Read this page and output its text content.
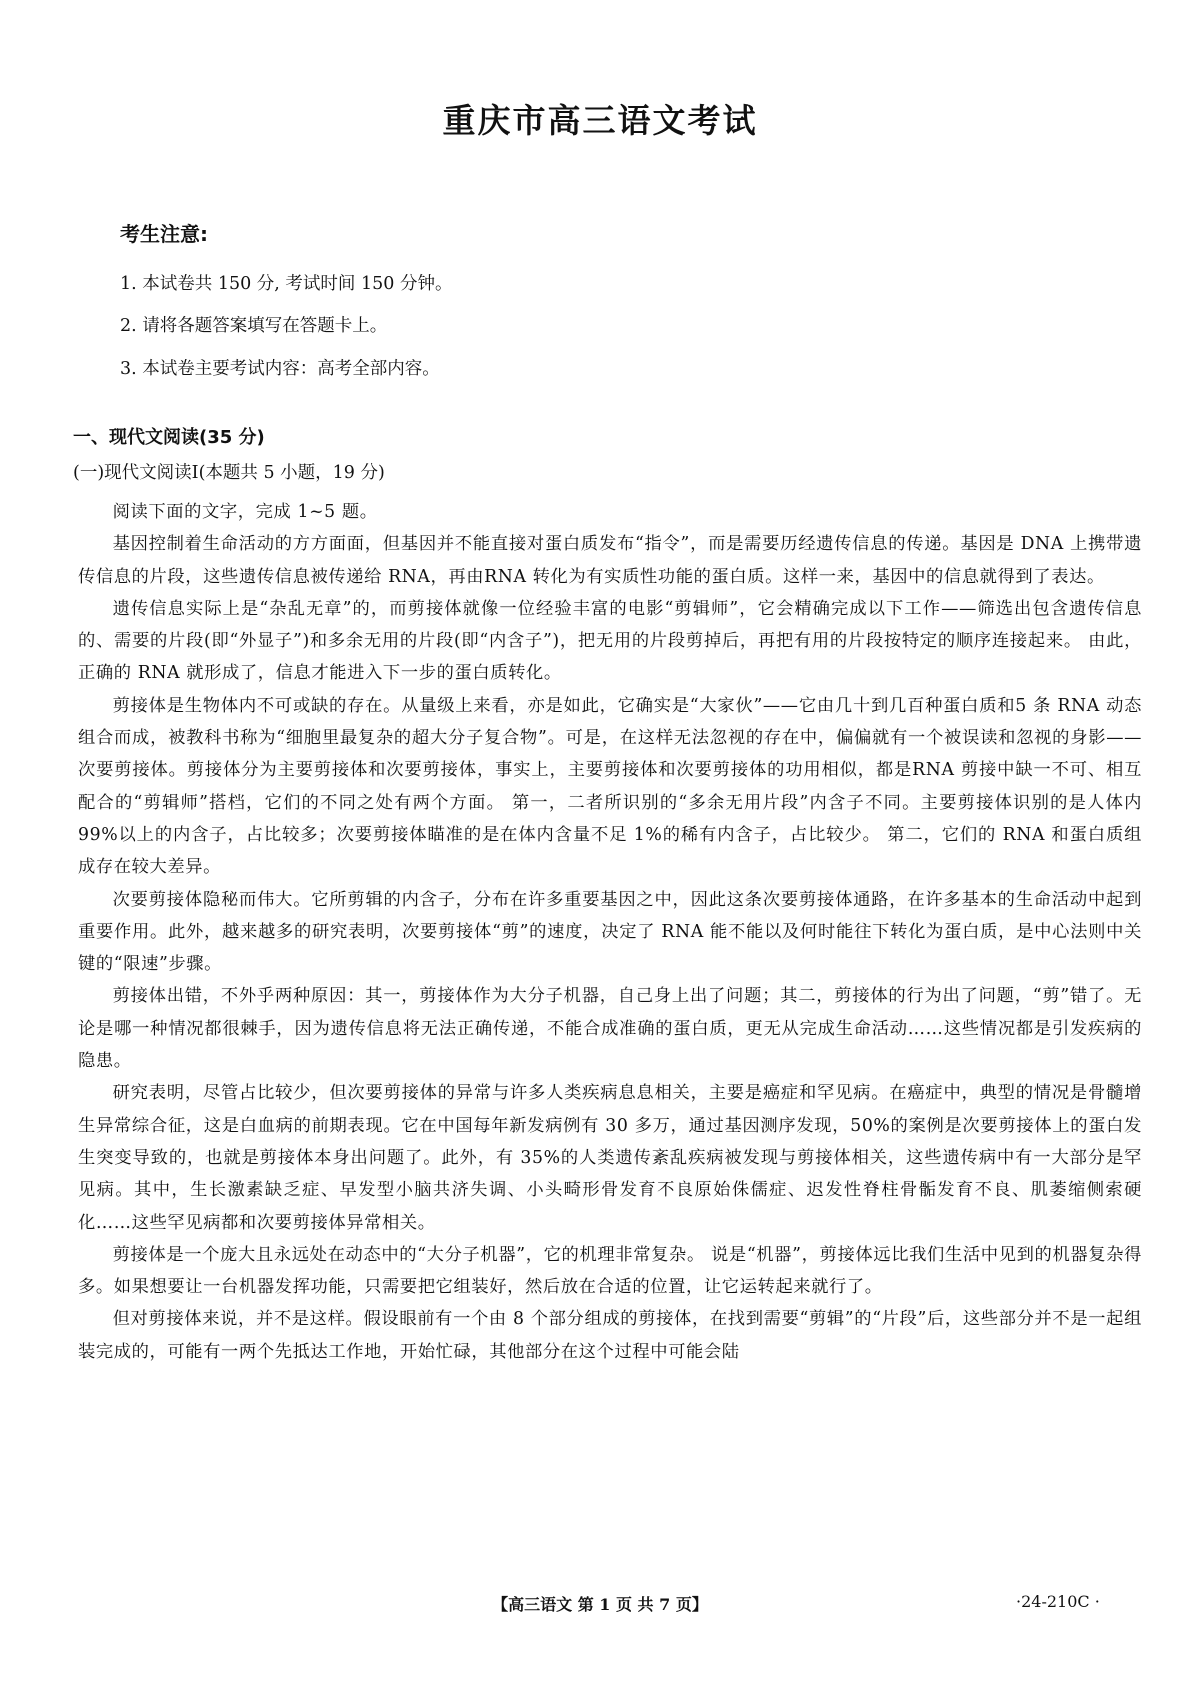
重庆市高三语文考试
考生注意:
1. 本试卷共 150 分, 考试时间 150 分钟。
2. 请将各题答案填写在答题卡上。
3. 本试卷主要考试内容：高考全部内容。
一、现代文阅读(35 分)
(一)现代文阅读I(本题共 5 小题，19 分)

阅读下面的文字，完成 1~5 题。

基因控制着生命活动的方方面面，但基因并不能直接对蛋白质发布“指令”，而是需要历经遗传信息的传递。基因是 DNA 上携带遗传信息的片段，这些遗传信息被传递给 RNA，再由RNA 转化为有实质性功能的蛋白质。这样一来，基因中的信息就得到了表达。

遗传信息实际上是“杂乱无章”的，而剪接体就像一位经验丰富的电影“剪辑师”，它会精确完成以下工作——筛选出包含遗传信息的、需要的片段(即“外显子”)和多余无用的片段(即“内含子”)，把无用的片段剪掉后，再把有用的片段按特定的顺序连接起来。 由此，正确的 RNA 就形成了，信息才能进入下一步的蛋白质转化。

剪接体是生物体内不可或缺的存在。从量级上来看，亦是如此，它确实是“大家伙”——它由几十到几百种蛋白质和5 条 RNA 动态组合而成，被教科书称为“细胞里最复杂的超大分子复合物”。可是，在这样无法忽视的存在中，偏偏就有一个被误读和忽视的身影——次要剪接体。剪接体分为主要剪接体和次要剪接体，事实上，主要剪接体和次要剪接体的功用相似，都是RNA 剪接中缺一不可、相互配合的“剪辑师”搭档，它们的不同之处有两个方面。 第一，二者所识别的“多余无用片段”内含子不同。主要剪接体识别的是人体内 99%以上的内含子，占比较多；次要剪接体瞄准的是在体内含量不足 1%的稀有内含子，占比较少。 第二，它们的 RNA 和蛋白质组成存在较大差异。

次要剪接体隐秘而伟大。它所剪辑的内含子，分布在许多重要基因之中，因此这条次要剪接体通路，在许多基本的生命活动中起到重要作用。此外，越来越多的研究表明，次要剪接体“剪”的速度，决定了 RNA 能不能以及何时能往下转化为蛋白质，是中心法则中关键的“限速”步骤。

剪接体出错，不外乎两种原因：其一，剪接体作为大分子机器，自己身上出了问题；其二，剪接体的行为出了问题，“剪”错了。无论是哪一种情况都很棘手，因为遗传信息将无法正确传递，不能合成准确的蛋白质，更无从完成生命活动……这些情况都是引发疾病的隐患。

研究表明，尽管占比较少，但次要剪接体的异常与许多人类疾病息息相关，主要是癌症和罕见病。在癌症中，典型的情况是骨髓增生异常综合征，这是白血病的前期表现。它在中国每年新发病例有 30 多万，通过基因测序发现，50%的案例是次要剪接体上的蛋白发生突变导致的，也就是剪接体本身出问题了。此外，有 35%的人类遗传紊乱疾病被发现与剪接体相关，这些遗传病中有一大部分是罕见病。其中，生长激素缺乏症、早发型小脑共济失调、小头畸形骨发育不良原始侏儒症、迟发性脊柱骨骺发育不良、肌萎缩侧索硬化……这些罕见病都和次要剪接体异常相关。

剪接体是一个庞大且永远处在动态中的“大分子机器”，它的机理非常复杂。 说是“机器”，剪接体远比我们生活中见到的机器复杂得多。如果想要让一台机器发挥功能，只需要把它组装好，然后放在合适的位置，让它运转起来就行了。

但对剪接体来说，并不是这样。假设眼前有一个由 8 个部分组成的剪接体，在找到需要“剪辑”的“片段”后，这些部分并不是一起组装完成的，可能有一两个先抵达工作地，开始忙碌，其他部分在这个过程中可能会陆

【高三语文 第 1 页 共 7 页】	·24-210C ·
